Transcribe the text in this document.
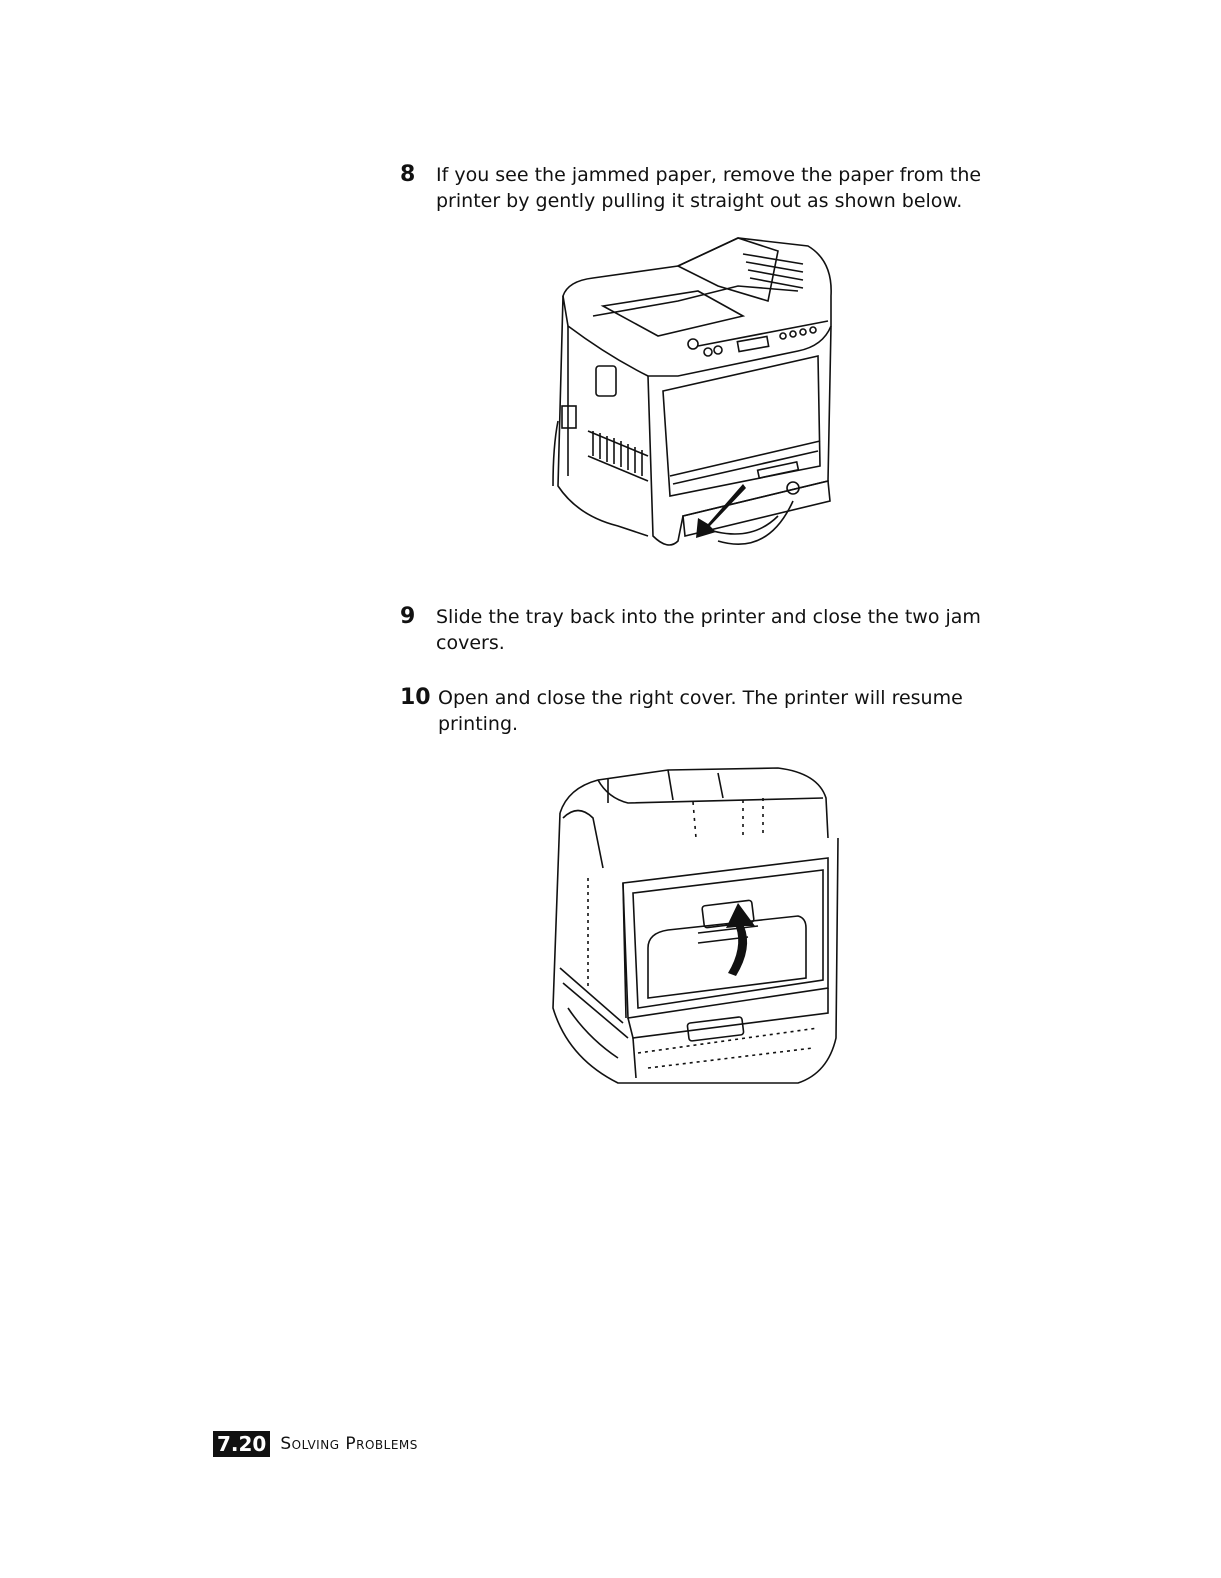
8 If you see the jammed paper, remove the paper from the
printer by gently pulling it straight out as shown below.
9 Slide the tray back into the printer and close the two jam
covers.
10 Open and close the right cover. The printer will resume
printing.
7.20 Solving Problems
